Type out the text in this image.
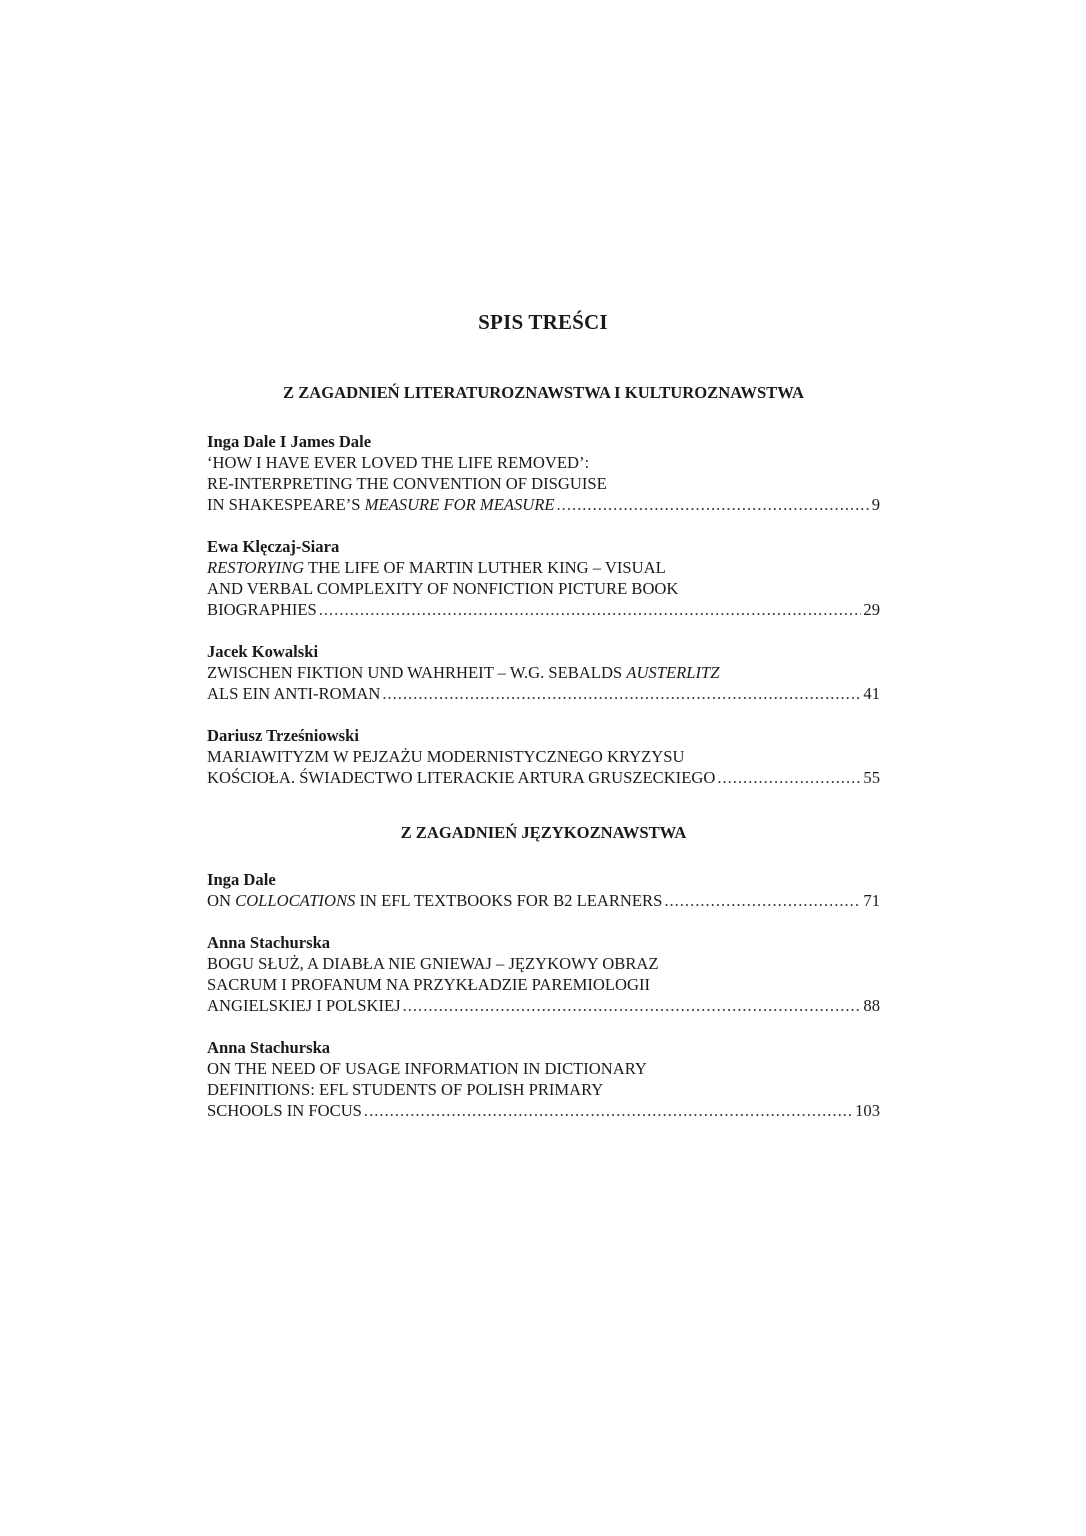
SPIS TREŚCI
Z ZAGADNIEŃ LITERATUROZNAWSTWA I KULTUROZNAWSTWA
Inga Dale I James Dale
‘HOW I HAVE EVER LOVED THE LIFE REMOVED’:
RE-INTERPRETING THE CONVENTION OF DISGUISE
IN SHAKESPEARE’S MEASURE FOR MEASURE .....	9
Ewa Klęczaj-Siara
RESTORYING THE LIFE OF MARTIN LUTHER KING – VISUAL
AND VERBAL COMPLEXITY OF NONFICTION PICTURE BOOK
BIOGRAPHIES .....	29
Jacek Kowalski
ZWISCHEN FIKTION UND WAHRHEIT – W.G. SEBALDS AUSTERLITZ
ALS EIN ANTI-ROMAN .....	41
Dariusz Trześniowski
MARIAWITYZM W PEJZAŻU MODERNISTYCZNEGO KRYZYSU
KOŚCIOŁA. ŚWIADECTWO LITERACKIE ARTURA GRUSZECKIEGO .....	55
Z ZAGADNIEŃ JĘZYKOZNAWSTWA
Inga Dale
ON COLLOCATIONS IN EFL TEXTBOOKS FOR B2 LEARNERS .....	71
Anna Stachurska
BOGU SŁUŻ, A DIABŁA NIE GNIEWAJ – JĘZYKOWY OBRAZ
SACRUM I PROFANUM NA PRZYKŁADZIE PAREMIOLOGII
ANGIELSKIEJ I POLSKIEJ .....	88
Anna Stachurska
ON THE NEED OF USAGE INFORMATION IN DICTIONARY
DEFINITIONS: EFL STUDENTS OF POLISH PRIMARY
SCHOOLS IN FOCUS .....	103
